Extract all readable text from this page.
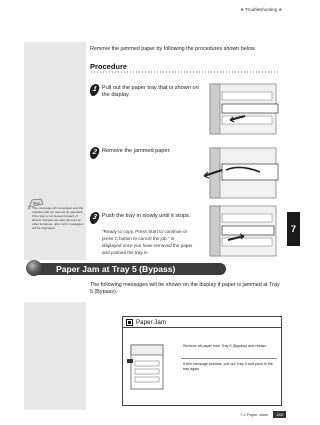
❖ Troubleshooting ❖
Note
● This message will not appear and the machine will not resume its operation if the tray is not closed properly. If sheets of paper are also jammed at other locations, other error messages will be displayed.
Remove the jammed paper by following the procedures shown below.
Procedure
1 Pull out the paper tray that is shown on the display.
2 Remove the jammed paper.
3 Push the tray in slowly until it stops.
"Ready to copy. Press Start to continue or press C button to cancel the job." is displayed once you have removed the paper and pushed the tray in.
7
Paper Jam at Tray 5 (Bypass)
The following messages will be shown on the display if paper is jammed at Tray 5 (Bypass).
Paper Jam
Remove all paper from Tray 5 (Bypass) and reload.
If this message persists, pull out Tray 5 and push in the tray again.
7.2 Paper Jams 189
